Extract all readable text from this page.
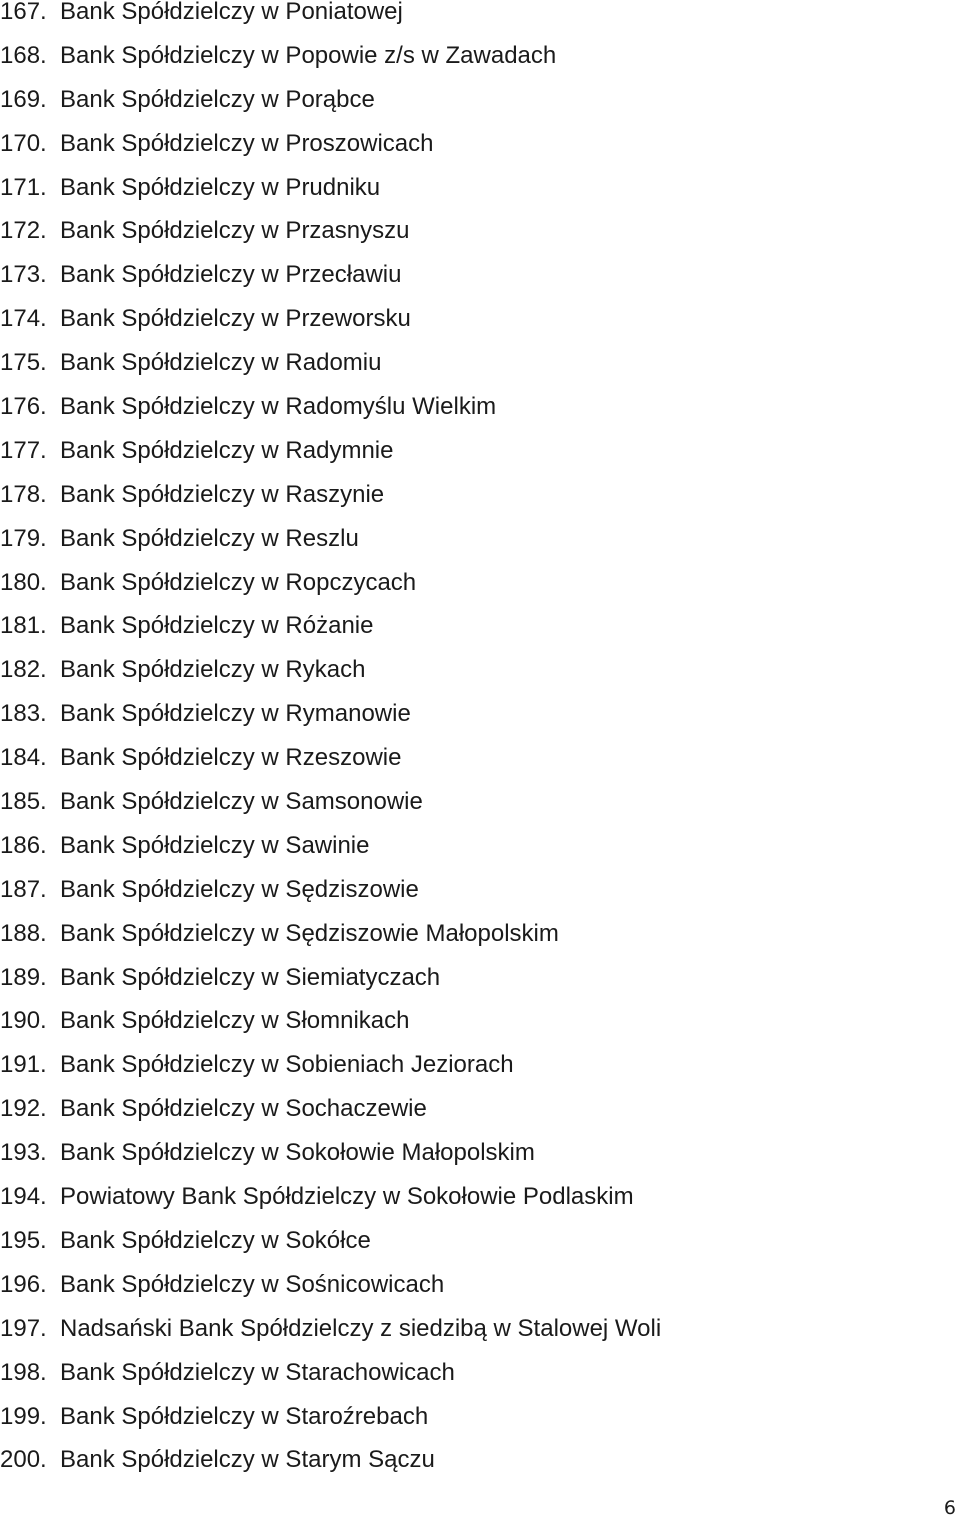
167. Bank Spółdzielczy w Poniatowej
168. Bank Spółdzielczy w Popowie z/s w Zawadach
169. Bank Spółdzielczy w Porąbce
170. Bank Spółdzielczy w Proszowicach
171. Bank Spółdzielczy w Prudniku
172. Bank Spółdzielczy w Przasnyszu
173. Bank Spółdzielczy w Przecławiu
174. Bank Spółdzielczy w Przeworsku
175. Bank Spółdzielczy w Radomiu
176. Bank Spółdzielczy w Radomyślu Wielkim
177. Bank Spółdzielczy w Radymnie
178. Bank Spółdzielczy w Raszynie
179. Bank Spółdzielczy w Reszlu
180. Bank Spółdzielczy w Ropczycach
181. Bank Spółdzielczy w Różanie
182. Bank Spółdzielczy w Rykach
183. Bank Spółdzielczy w Rymanowie
184. Bank Spółdzielczy w Rzeszowie
185. Bank Spółdzielczy w Samsonowie
186. Bank Spółdzielczy w Sawinie
187. Bank Spółdzielczy w Sędziszowie
188. Bank Spółdzielczy w Sędziszowie Małopolskim
189. Bank Spółdzielczy w Siemiatyczach
190. Bank Spółdzielczy w Słomnikach
191. Bank Spółdzielczy w Sobieniach Jeziorach
192. Bank Spółdzielczy w Sochaczewie
193. Bank Spółdzielczy w Sokołowie Małopolskim
194. Powiatowy Bank Spółdzielczy w Sokołowie Podlaskim
195. Bank Spółdzielczy w Sokółce
196. Bank Spółdzielczy w Sośnicowicach
197. Nadsański Bank Spółdzielczy z siedzibą w Stalowej Woli
198. Bank Spółdzielczy w Starachowicach
199. Bank Spółdzielczy w Staroźrebach
200. Bank Spółdzielczy w Starym Sączu
6
